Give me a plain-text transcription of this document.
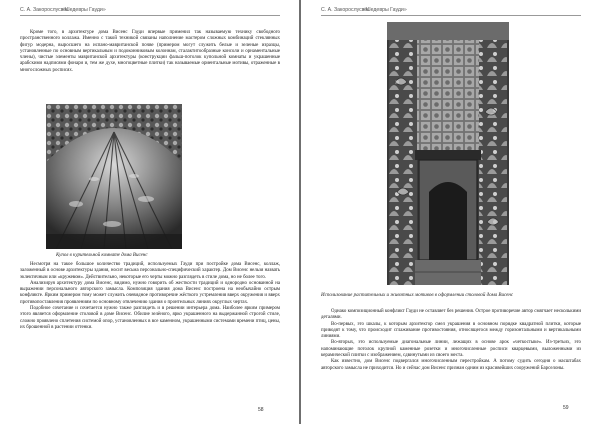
С. А. Закорослусвіч
«Шедевры Гауди»

Кроме того, в архитектуре дома Висенс Гауди впервые применил так называемую технику свободного пространственного коллажа. Именно с такой техникой связаны наполнение мастером сложных комбинаций стеклянных фигур модерна, выросшего на испано-мавританской почве (примером могут служить белые и зеленые изразцы, установленные по основным вертикальным и подоконниковым колоннам, сталактитообразные консоли и орнаментальные члены), чистые элементы мавританской архитектуры (конструкции фальш-потолок купольной комнаты и украшенные арабскими надписями фонари и, тем же духе, многоцветные плитки) так называемые ориентальные мотивы, отраженные в многосложных росписях.

Купол в курительной комнате дома Висенс

Несмотря на такое большое количество традиций, используемых Гауди при постройке дома Висенс, коллаж, заложенный в основе архитектуры здания, носит весьма персонально-специфический характер. Дом Висенс нельзя назвать эклектичным или «кружевом». Действительно, некоторые его черты можно разглядеть в стиле дома, но не более того.

Анализируя архитектуру дома Висенс, видимо, нужно говорить об жесткости традиций и однородно основанной на выражении персонального авторского замысла. Композиция здания дома Висенс построена на необычайно острым конфликте. Ярким примером тому может служить очевидное противоречие жёсткого устремления вверх окружения и вверх противопоставления проявлениям по основному отвлечению здания о пронтельных линиях округлых чертах.

Подобное сочетание и сочетается нужно также разглядеть и в решении интерьера дома. Наиболее ярким примером этого является оформление столовой в доме Висенс. Обилие зелёного, ярко украшенного на выдержанной строгой стиле, сложно проявлено сплетения системой опор, установленных в все каменном, украшенными системами времени птиц, цены, их брошенной в растении оттенки.

58
С. А. Закорослусвіч
«Шедевры Гауди»
Использование растительных и животных мотивов в оформлении столовой дома Висенс

Однако композиционный конфликт Гауди не оставляет без решения. Острое противоречие автор смягчает несколькими деталями.

Во-первых, это шкалы, к которым архитектор смел украшения в основном порядке квадратной плитки, которые приводят к тому, что происходит сглаживание противостояния, относящегося между горизонтальными и вертикальными линиями.

Во-вторых, это используемые диагональные линии, лежащих в основе арок «четкостыке». Из-третьих, это напоминающие потолок крупной каменные розетки и многочисленные росписи кварцевыми, выложенными из керамической плитки с изображением, сдвинутыми из своего места.

Как известно, дом Висенс подвергался многочисленным перестройкам. А потому судить сегодня о масштабах авторского замысла не приходится. Но и сейчас дом Висенс признан одним из красивейших сооружений Барселоны.

59
